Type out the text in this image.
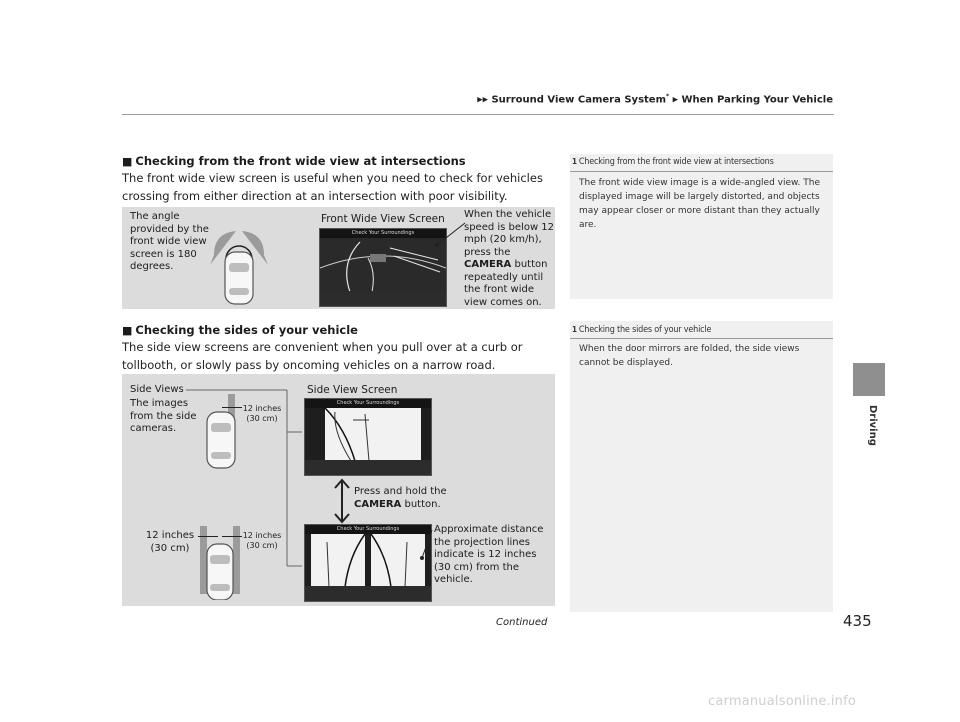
▶▶ Surround View Camera System* ▶ When Parking Your Vehicle
Driving
■ Checking from the front wide view at intersections
The front wide view screen is useful when you need to check for vehicles crossing from either direction at an intersection with poor visibility.
The angle provided by the front wide view screen is 180 degrees.
Front Wide View Screen
Check Your Surroundings
When the vehicle speed is below 12 mph (20 km/h), press the CAMERA button repeatedly until the front wide view comes on.
1 Checking from the front wide view at intersections
The front wide view image is a wide-angled view. The displayed image will be largely distorted, and objects may appear closer or more distant than they actually are.
■ Checking the sides of your vehicle
The side view screens are convenient when you pull over at a curb or tollbooth, or slowly pass by oncoming vehicles on a narrow road.
Side Views
The images from the side cameras.
12 inches
(30 cm)
12 inches
(30 cm)
12 inches
(30 cm)
Side View Screen
Check Your Surroundings
Press and hold the
CAMERA button.
Check Your Surroundings	Approximate distance the projection lines indicate is 12 inches (30 cm) from the vehicle.
1 Checking the sides of your vehicle
When the door mirrors are folded, the side views cannot be displayed.
Continued	435
carmanualsonline.info
